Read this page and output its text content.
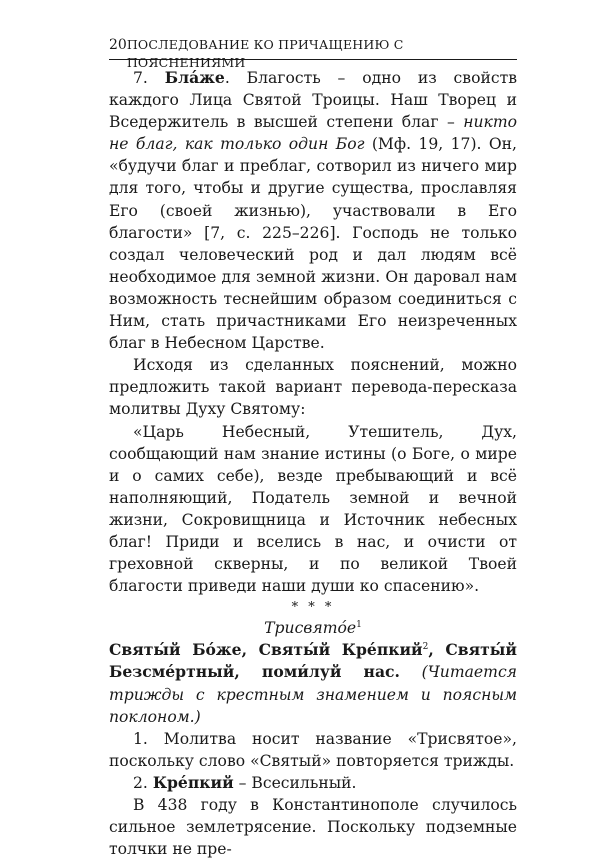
20 ПОСЛЕДОВАНИЕ КО ПРИЧАЩЕНИЮ С ПОЯСНЕНИЯМИ

7. Бла́же. Благость – одно из свойств каждого Лица Святой Троицы. Наш Творец и Вседержитель в высшей степени благ – никто не благ, как только один Бог (Мф. 19, 17). Он, «будучи благ и преблаг, сотворил из ничего мир для того, чтобы и другие существа, прославляя Его (своей жизнью), участвовали в Его благости» [7, с. 225–226]. Господь не только создал человеческий род и дал людям всё необходимое для земной жизни. Он даровал нам возможность теснейшим образом соединиться с Ним, стать причастниками Его неизреченных благ в Небесном Царстве.

Исходя из сделанных пояснений, можно предложить такой вариант перевода-пересказа молитвы Духу Святому:

«Царь Небесный, Утешитель, Дух, сообщающий нам знание истины (о Боге, о мире и о самих себе), везде пребывающий и всё наполняющий, Податель земной и вечной жизни, Сокровищница и Источник небесных благ! Приди и вселись в нас, и очисти от греховной скверны, и по великой Твоей благости приведи наши души ко спасению».

* * *

$Трисвято́е^1$

Святы́й Бо́же, Святы́й Кре́пкий$^2$, Святы́й Безсме́ртный, поми́луй нас. (Читается трижды с крестным знамением и поясным поклоном.)

1. Молитва носит название «Трисвятое», поскольку слово «Святый» повторяется трижды.

2. Кре́пкий – Всесильный.

В 438 году в Константинополе случилось сильное землетрясение. Поскольку подземные толчки не пре-
